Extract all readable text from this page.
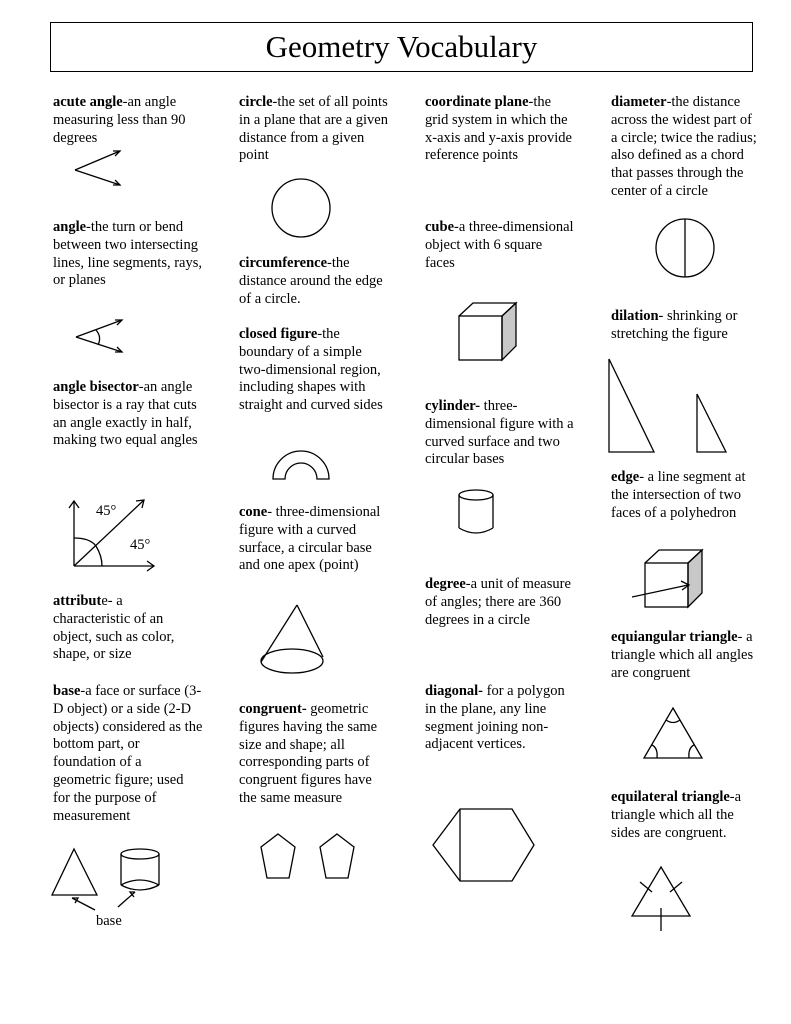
Geometry Vocabulary
acute angle-an angle measuring less than 90 degrees
angle-the turn or bend between two intersecting lines, line segments, rays, or planes
angle bisector-an angle bisector is a ray that cuts an angle exactly in half, making two equal angles
45°
45°
attribute- a characteristic of an object, such as color, shape, or size
base-a face or surface (3-D object) or a side (2-D objects) considered as the bottom part, or foundation of a geometric figure; used for the purpose of measurement
base
circle-the set of all points in a plane that are a given distance from a given point
circumference-the distance around the edge of a circle.
closed figure-the boundary of a simple two-dimensional region, including shapes with straight and curved sides
cone- three-dimensional figure with a curved surface, a circular base and one apex (point)
congruent- geometric figures having the same size and shape; all corresponding parts of congruent figures have the same measure
coordinate plane-the grid system in which the x-axis and y-axis provide reference points
cube-a three-dimensional object with 6 square faces
cylinder- three-dimensional figure with a curved surface and two circular bases
degree-a unit of measure of angles; there are 360 degrees in a circle
diagonal- for a polygon in the plane, any line segment joining non-adjacent vertices.
diameter-the distance across the widest part of a circle; twice the radius; also defined as a chord that passes through the center of a circle
dilation- shrinking or stretching the figure
edge- a line segment at the intersection of two faces of a polyhedron
equiangular triangle- a triangle which all angles are congruent
equilateral triangle-a triangle which all the sides are congruent.
